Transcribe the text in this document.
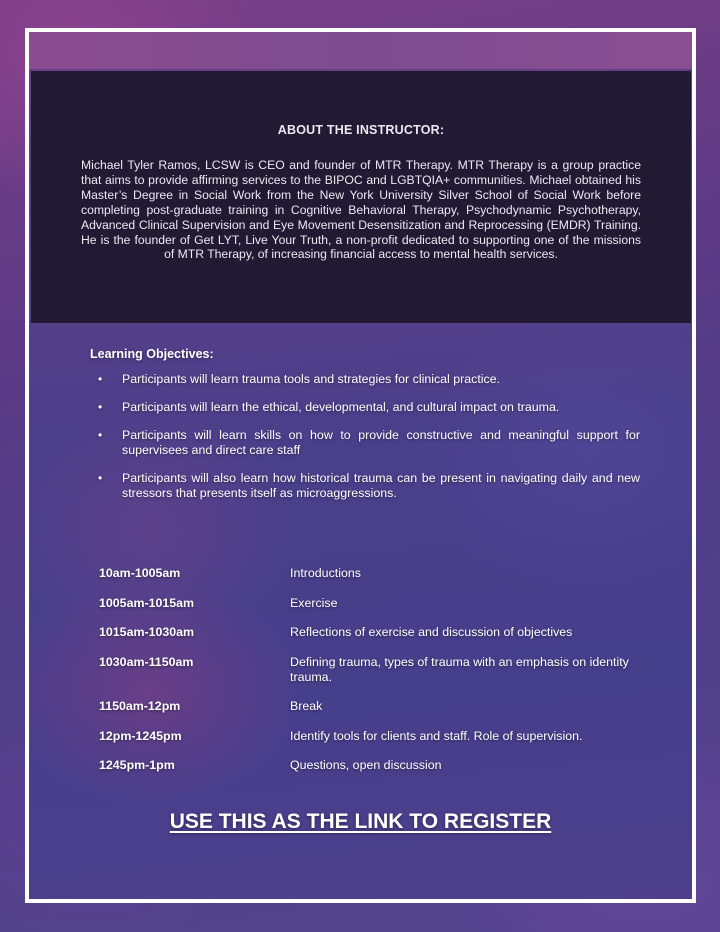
ABOUT THE INSTRUCTOR:

Michael Tyler Ramos, LCSW is CEO and founder of MTR Therapy. MTR Therapy is a group practice that aims to provide affirming services to the BIPOC and LGBTQIA+ communities. Michael obtained his Master’s Degree in Social Work from the New York University Silver School of Social Work before completing post-graduate training in Cognitive Behavioral Therapy, Psychodynamic Psychotherapy, Advanced Clinical Supervision and Eye Movement Desensitization and Reprocessing (EMDR) Training. He is the founder of Get LYT, Live Your Truth, a non-profit dedicated to supporting one of the missions of MTR Therapy, of increasing financial access to mental health services.

Learning Objectives:
• Participants will learn trauma tools and strategies for clinical practice.
• Participants will learn the ethical, developmental, and cultural impact on trauma.
• Participants will learn skills on how to provide constructive and meaningful support for supervisees and direct care staff
• Participants will also learn how historical trauma can be present in navigating daily and new stressors that presents itself as microaggressions.
10am-1005am	Introductions
1005am-1015am	Exercise
1015am-1030am	Reflections of exercise and discussion of objectives
1030am-1150am	Defining trauma, types of trauma with an emphasis on identity trauma.
1150am-12pm	Break
12pm-1245pm	Identify tools for clients and staff. Role of supervision.
1245pm-1pm	Questions, open discussion
USE THIS AS THE LINK TO REGISTER
